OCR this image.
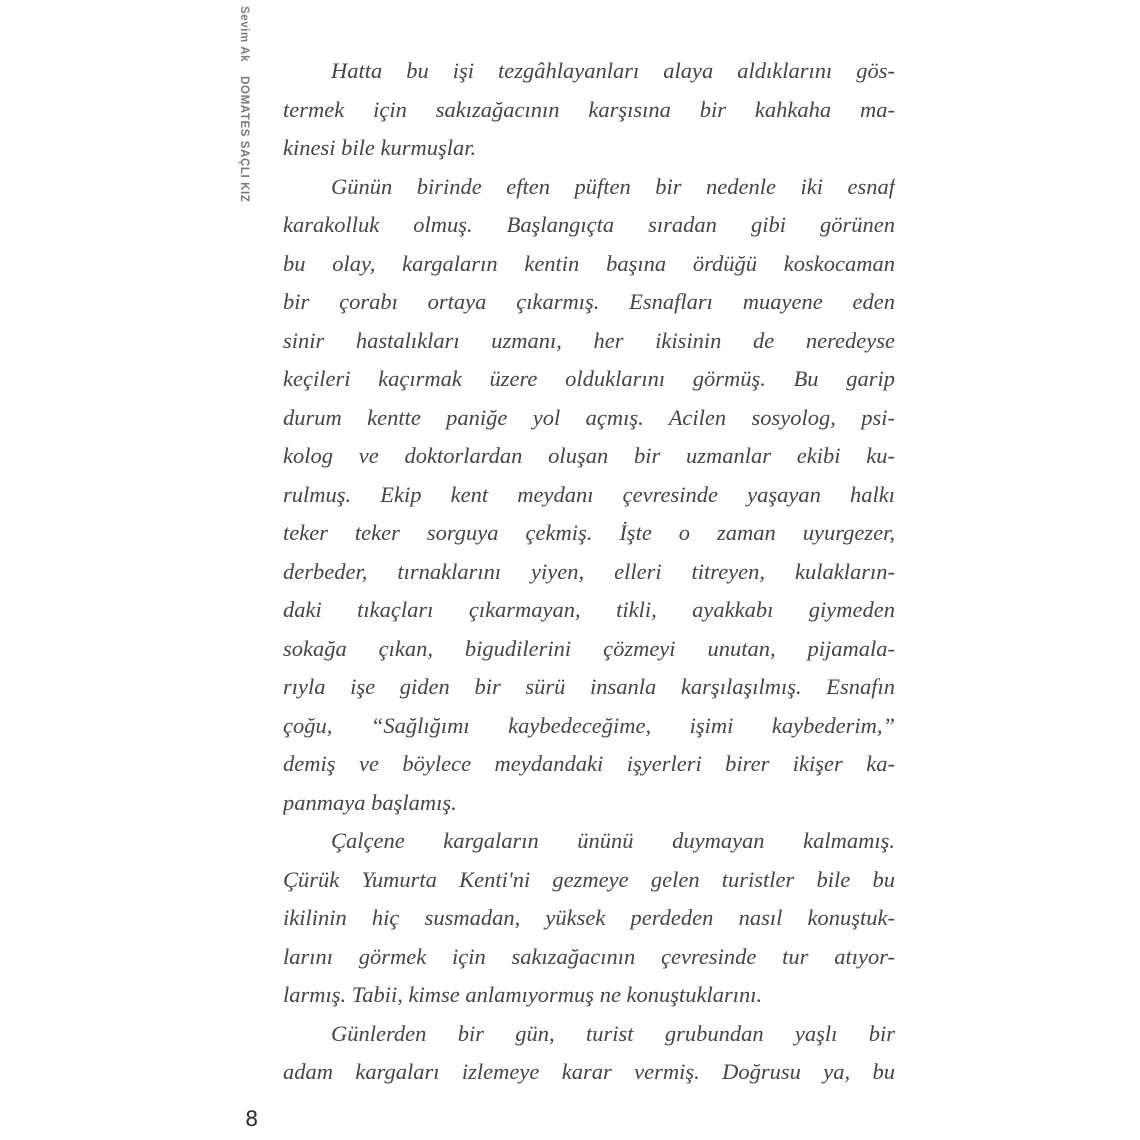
Sevim Ak  DOMATES SAÇLI KIZ
Hatta bu işi tezgâhlayanları alaya aldıklarını gös-
termek için sakızağacının karşısına bir kahkaha ma-
kinesi bile kurmuşlar.
Günün birinde eften püften bir nedenle iki esnaf
karakolluk olmuş. Başlangıçta sıradan gibi görünen
bu olay, kargaların kentin başına ördüğü koskocaman
bir çorabı ortaya çıkarmış. Esnafları muayene eden
sinir hastalıkları uzmanı, her ikisinin de neredeyse
keçileri kaçırmak üzere olduklarını görmüş. Bu garip
durum kentte paniğe yol açmış. Acilen sosyolog, psi-
kolog ve doktorlardan oluşan bir uzmanlar ekibi ku-
rulmuş. Ekip kent meydanı çevresinde yaşayan halkı
teker teker sorguya çekmiş. İşte o zaman uyurgezer,
derbeder, tırnaklarını yiyen, elleri titreyen, kulakların-
daki tıkaçları çıkarmayan, tikli, ayakkabı giymeden
sokağa çıkan, bigudilerini çözmeyi unutan, pijamala-
rıyla işe giden bir sürü insanla karşılaşılmış. Esnafın
çoğu, “Sağlığımı kaybedeceğime, işimi kaybederim,”
demiş ve böylece meydandaki işyerleri birer ikişer ka-
panmaya başlamış.
Çalçene kargaların ününü duymayan kalmamış.
Çürük Yumurta Kenti'ni gezmeye gelen turistler bile bu
ikilinin hiç susmadan, yüksek perdeden nasıl konuştuk-
larını görmek için sakızağacının çevresinde tur atıyor-
larmış. Tabii, kimse anlamıyormuş ne konuştuklarını.
Günlerden bir gün, turist grubundan yaşlı bir
adam kargaları izlemeye karar vermiş. Doğrusu ya, bu
8
